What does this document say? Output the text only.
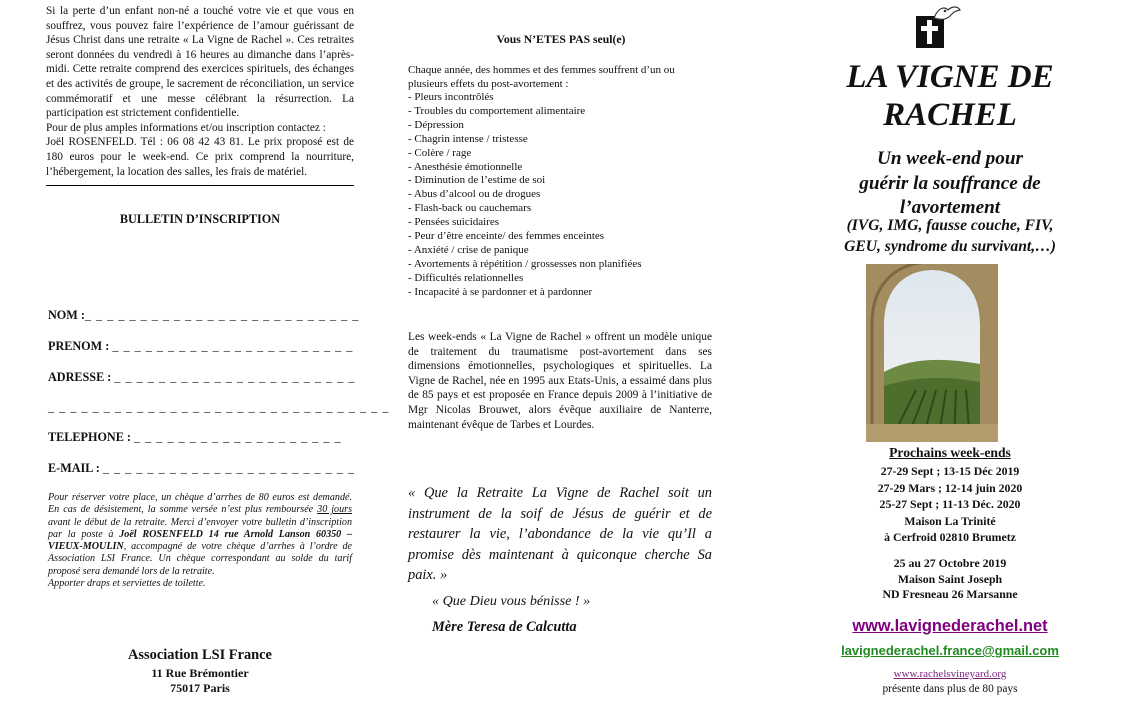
Si la perte d’un enfant non-né a touché votre vie et que vous en souffrez, vous pouvez faire l’expérience de l’amour guérissant de Jésus Christ dans une retraite « La Vigne de Rachel ». Ces retraites seront données du vendredi à 16 heures au dimanche dans l’après-midi. Cette retraite comprend des exercices spirituels, des échanges et des activités de groupe, le sacrement de réconciliation, un service commémoratif et une messe célébrant la résurrection. La participation est strictement confidentielle.

Pour de plus amples informations et/ou inscription contactez :

Joël ROSENFELD. Tél : 06 08 42 43 81. Le prix proposé est de 180 euros pour le week-end. Ce prix comprend la nourriture, l’hébergement, la location des salles, les frais de matériel.

BULLETIN D’INSCRIPTION

NOM :_ _ _ _ _ _ _ _ _ _ _ _ _ _ _ _ _ _ _ _ _ _ _ _ _

PRENOM : _ _ _ _ _ _ _ _ _ _ _ _ _ _ _ _ _ _ _ _ _ _

ADRESSE : _ _ _ _ _ _ _ _ _ _ _ _ _ _ _ _ _ _ _ _ _ _

_ _ _ _ _ _ _ _ _ _ _ _ _ _ _ _ _ _ _ _ _ _ _ _ _ _ _ _ _ _ _

TELEPHONE : _ _ _ _ _ _ _ _ _ _ _ _ _ _ _ _ _ _ _

E-MAIL : _ _ _ _ _ _ _ _ _ _ _ _ _ _ _ _ _ _ _ _ _ _ _

Pour réserver votre place, un chèque d’arrhes de 80 euros est demandé. En cas de désistement, la somme versée n’est plus remboursée 30 jours avant le début de la retraite. Merci d’envoyer votre bulletin d’inscription par la poste à Joël ROSENFELD 14 rue Arnold Lanson 60350 – VIEUX-MOULIN, accompagné de votre chèque d’arrhes à l’ordre de Association LSI France. Un chèque correspondant au solde du tarif proposé sera demandé lors de la retraite.
Apporter draps et serviettes de toilette.

Association LSI France

11 Rue Brémontier

75017 Paris

Vous N’ETES PAS seul(e)

Chaque année, des hommes et des femmes souffrent d’un ou plusieurs effets du post-avortement :

- Pleurs incontrôlés
- Troubles du comportement alimentaire
- Dépression
- Chagrin intense / tristesse
- Colère / rage
- Anesthésie émotionnelle
- Diminution de l’estime de soi
- Abus d’alcool ou de drogues
- Flash-back ou cauchemars
- Pensées suicidaires
- Peur d’être enceinte/ des femmes enceintes
- Anxiété / crise de panique
- Avortements à répétition / grossesses non planifiées
- Difficultés relationnelles
- Incapacité à se pardonner et à pardonner

Les week-ends « La Vigne de Rachel » offrent un modèle unique de traitement du traumatisme post-avortement dans ses dimensions émotionnelles, psychologiques et spirituelles. La Vigne de Rachel, née en 1995 aux Etats-Unis, a essaimé dans plus de 85 pays et est proposée en France depuis 2009 à l’initiative de Mgr Nicolas Brouwet, alors évêque auxiliaire de Nanterre, maintenant évêque de Tarbes et Lourdes.

« Que la Retraite La Vigne de Rachel soit un instrument de la soif de Jésus de guérir et de restaurer la vie, l’abondance de la vie qu’Il a promise dès maintenant à quiconque cherche Sa paix. »

« Que Dieu vous bénisse ! »

Mère Teresa de Calcutta

LA VIGNE DE
RACHEL

Un week-end pour
guérir la souffrance de
l’avortement

(IVG, IMG, fausse couche, FIV,
GEU, syndrome du survivant,…)

Prochains week-ends

27-29 Sept ; 13-15 Déc 2019
27-29 Mars ; 12-14 juin 2020
25-27 Sept ; 11-13 Déc. 2020
Maison La Trinité
à Cerfroid 02810 Brumetz

25 au 27 Octobre 2019
Maison Saint Joseph
ND Fresneau 26 Marsanne

www.lavignederachel.net
lavignederachel.france@gmail.com
www.rachelsvineyard.org

présente dans plus de 80 pays
